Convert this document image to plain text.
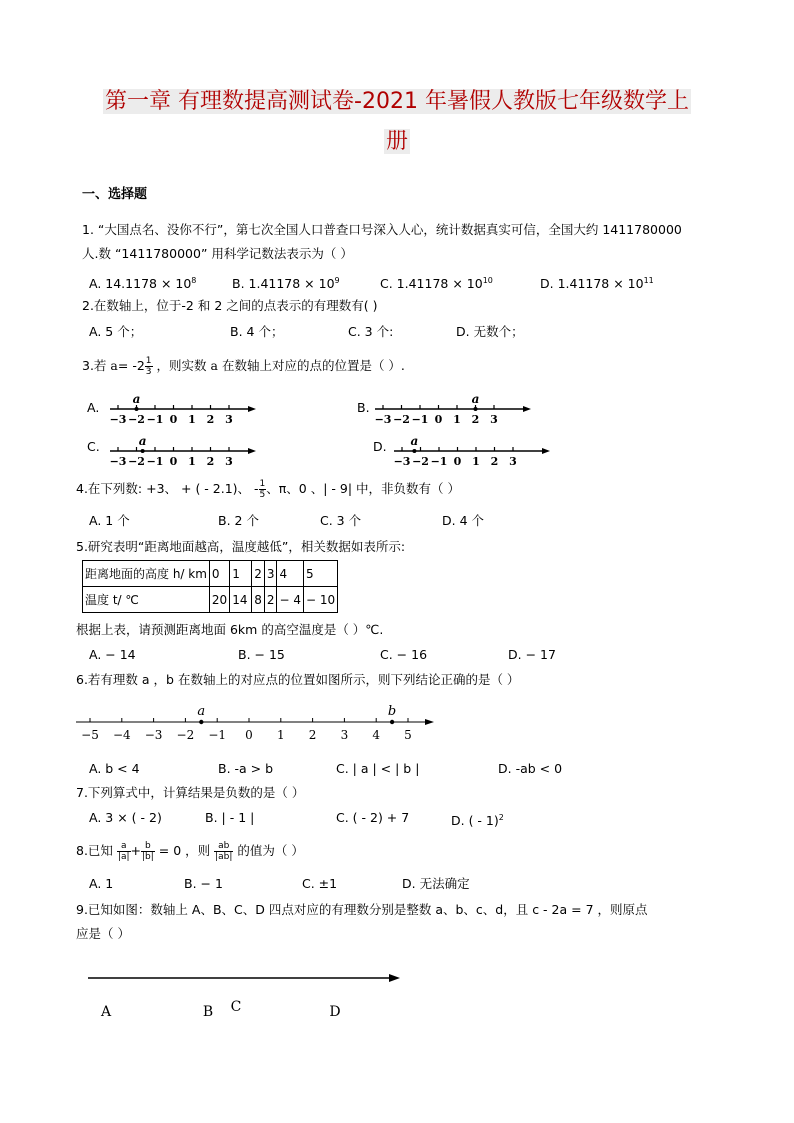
第一章 有理数提高测试卷-2021 年暑假人教版七年级数学上
册
一、选择题
1. “大国点名、没你不行”，第七次全国人口普查口号深入人心，统计数据真实可信，全国大约 1411780000
人.数 “1411780000” 用科学记数法表示为（ ）
A. $14.1178 \times 10^8$	B. $1.41178 \times 10^9$	C. $1.41178 \times 10^{10}$	D. $1.41178 \times 10^{11}$
2.在数轴上，位于-2 和 2 之间的点表示的有理数有( )
A. 5 个；	B. 4 个；	C. 3 个:	D. 无数个；
3.若 $a= -2 \frac{1}{3}$ ，则实数 a 在数轴上对应的点的位置是（ ）.
A.
−3 −2 −1 0 1 2 3
a
B.
−3 −2 −1 0 1 2 3
a
C.
−3 −2 −1 0 1 2 3
a	D.
−3 −2 −1 0 1 2 3
a
4.在下列数: +3、 + ( - 2.1)、 - $\frac{1}{5}$ 、π、0 、| - 9| 中，非负数有（ ）
A. 1 个	B. 2 个	C. 3 个	D. 4 个
5.研究表明“距离地面越高，温度越低”，相关数据如表所示:
距离地面的高度 h/ km	0	1	2	3	4	5
温度 t/ ℃	20	14	8	2	− 4	− 10
根据上表，请预测距离地面 6km 的高空温度是（ ）℃.
A. − 14	B. − 15	C. − 16	D. − 17
6.若有理数 a ，b 在数轴上的对应点的位置如图所示，则下列结论正确的是（ ）
−5 −4 −3 −2 −1 0 1 2 3 4 5
a	b
A. b < 4	B. -a > b	C. | a | < | b |	D. -ab < 0
7.下列算式中，计算结果是负数的是（ ）
A. 3 × ( - 2)	B. | - 1 |	C. ( - 2) + 7	D. ( - 1)$^2$
8.已知 $\frac{a}{|a|} + \frac{b}{|b|} = 0$ ，则 $\frac{ab}{|ab|}$ 的值为（ ）
A. 1	B. − 1	C. ±1	D. 无法确定
9.已知如图：数轴上 A、B、C、D 四点对应的有理数分别是整数 a、b、c、d，且 c - 2a = 7 ，则原点
应是（ ）
A	B C	D
